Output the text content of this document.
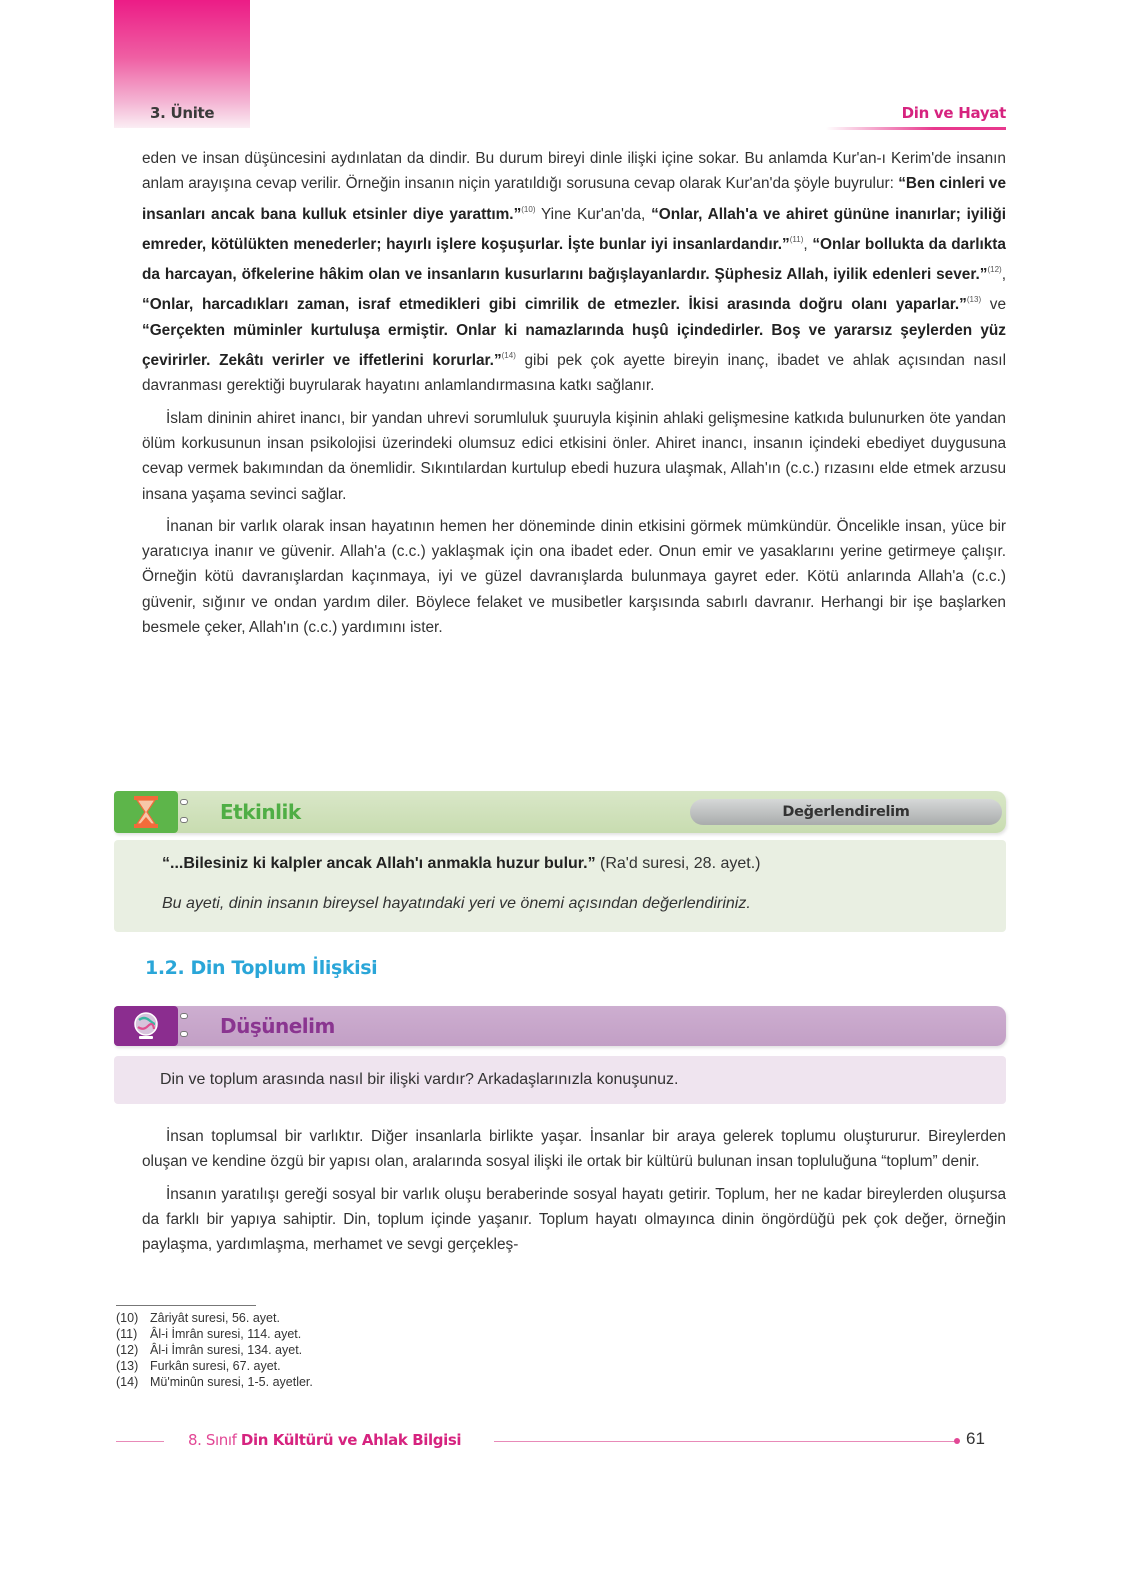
3. Ünite	Din ve Hayat

eden ve insan düşüncesini aydınlatan da dindir. Bu durum bireyi dinle ilişki içine sokar. Bu anlamda Kur'an-ı Kerim'de insanın anlam arayışına cevap verilir. Örneğin insanın niçin yaratıldığı sorusuna cevap olarak Kur'an'da şöyle buyrulur: “Ben cinleri ve insanları ancak bana kulluk etsinler diye yarattım.”$^{(10)}$ Yine Kur'an'da, “Onlar, Allah'a ve ahiret gününe inanırlar; iyiliği emreder, kötülükten menederler; hayırlı işlere koşuşurlar. İşte bunlar iyi insanlardandır.”$^{(11)}$, “Onlar bollukta da darlıkta da harcayan, öfkelerine hâkim olan ve insanların kusurlarını bağışlayanlardır. Şüphesiz Allah, iyilik edenleri sever.”$^{(12)}$, “Onlar, harcadıkları zaman, israf etmedikleri gibi cimrilik de etmezler. İkisi arasında doğru olanı yaparlar.”$^{(13)}$ ve “Gerçekten müminler kurtuluşa ermiştir. Onlar ki namazlarında huşû içindedirler. Boş ve yararsız şeylerden yüz çevirirler. Zekâtı verirler ve iffetlerini korurlar.”$^{(14)}$ gibi pek çok ayette bireyin inanç, ibadet ve ahlak açısından nasıl davranması gerektiği buyrularak hayatını anlamlandırmasına katkı sağlanır.

İslam dininin ahiret inancı, bir yandan uhrevi sorumluluk şuuruyla kişinin ahlaki gelişmesine katkıda bulunurken öte yandan ölüm korkusunun insan psikolojisi üzerindeki olumsuz edici etkisini önler. Ahiret inancı, insanın içindeki ebediyet duygusuna cevap vermek bakımından da önemlidir. Sıkıntılardan kurtulup ebedi huzura ulaşmak, Allah'ın (c.c.) rızasını elde etmek arzusu insana yaşama sevinci sağlar.

İnanan bir varlık olarak insan hayatının hemen her döneminde dinin etkisini görmek mümkündür. Öncelikle insan, yüce bir yaratıcıya inanır ve güvenir. Allah'a (c.c.) yaklaşmak için ona ibadet eder. Onun emir ve yasaklarını yerine getirmeye çalışır. Örneğin kötü davranışlardan kaçınmaya, iyi ve güzel davranışlarda bulunmaya gayret eder. Kötü anlarında Allah'a (c.c.) güvenir, sığınır ve ondan yardım diler. Böylece felaket ve musibetler karşısında sabırlı davranır. Herhangi bir işe başlarken besmele çeker, Allah'ın (c.c.) yardımını ister.

Etkinlik	Değerlendirelim
“...Bilesiniz ki kalpler ancak Allah'ı anmakla huzur bulur.” (Ra'd suresi, 28. ayet.)
Bu ayeti, dinin insanın bireysel hayatındaki yeri ve önemi açısından değerlendiriniz.
1.2. Din Toplum İlişkisi
Düşünelim
Din ve toplum arasında nasıl bir ilişki vardır? Arkadaşlarınızla konuşunuz.

İnsan toplumsal bir varlıktır. Diğer insanlarla birlikte yaşar. İnsanlar bir araya gelerek toplumu oluştururur. Bireylerden oluşan ve kendine özgü bir yapısı olan, aralarında sosyal ilişki ile ortak bir kültürü bulunan insan topluluğuna “toplum” denir.

İnsanın yaratılışı gereği sosyal bir varlık oluşu beraberinde sosyal hayatı getirir. Toplum, her ne kadar bireylerden oluşursa da farklı bir yapıya sahiptir. Din, toplum içinde yaşanır. Toplum hayatı olmayınca dinin öngördüğü pek çok değer, örneğin paylaşma, yardımlaşma, merhamet ve sevgi gerçekleş-

(10) Zâriyât suresi, 56. ayet.
(11) Âl-i İmrân suresi, 114. ayet.
(12) Âl-i İmrân suresi, 134. ayet.
(13) Furkân suresi, 67. ayet.
(14) Mü'minûn suresi, 1-5. ayetler.
8. Sınıf Din Kültürü ve Ahlak Bilgisi	61
